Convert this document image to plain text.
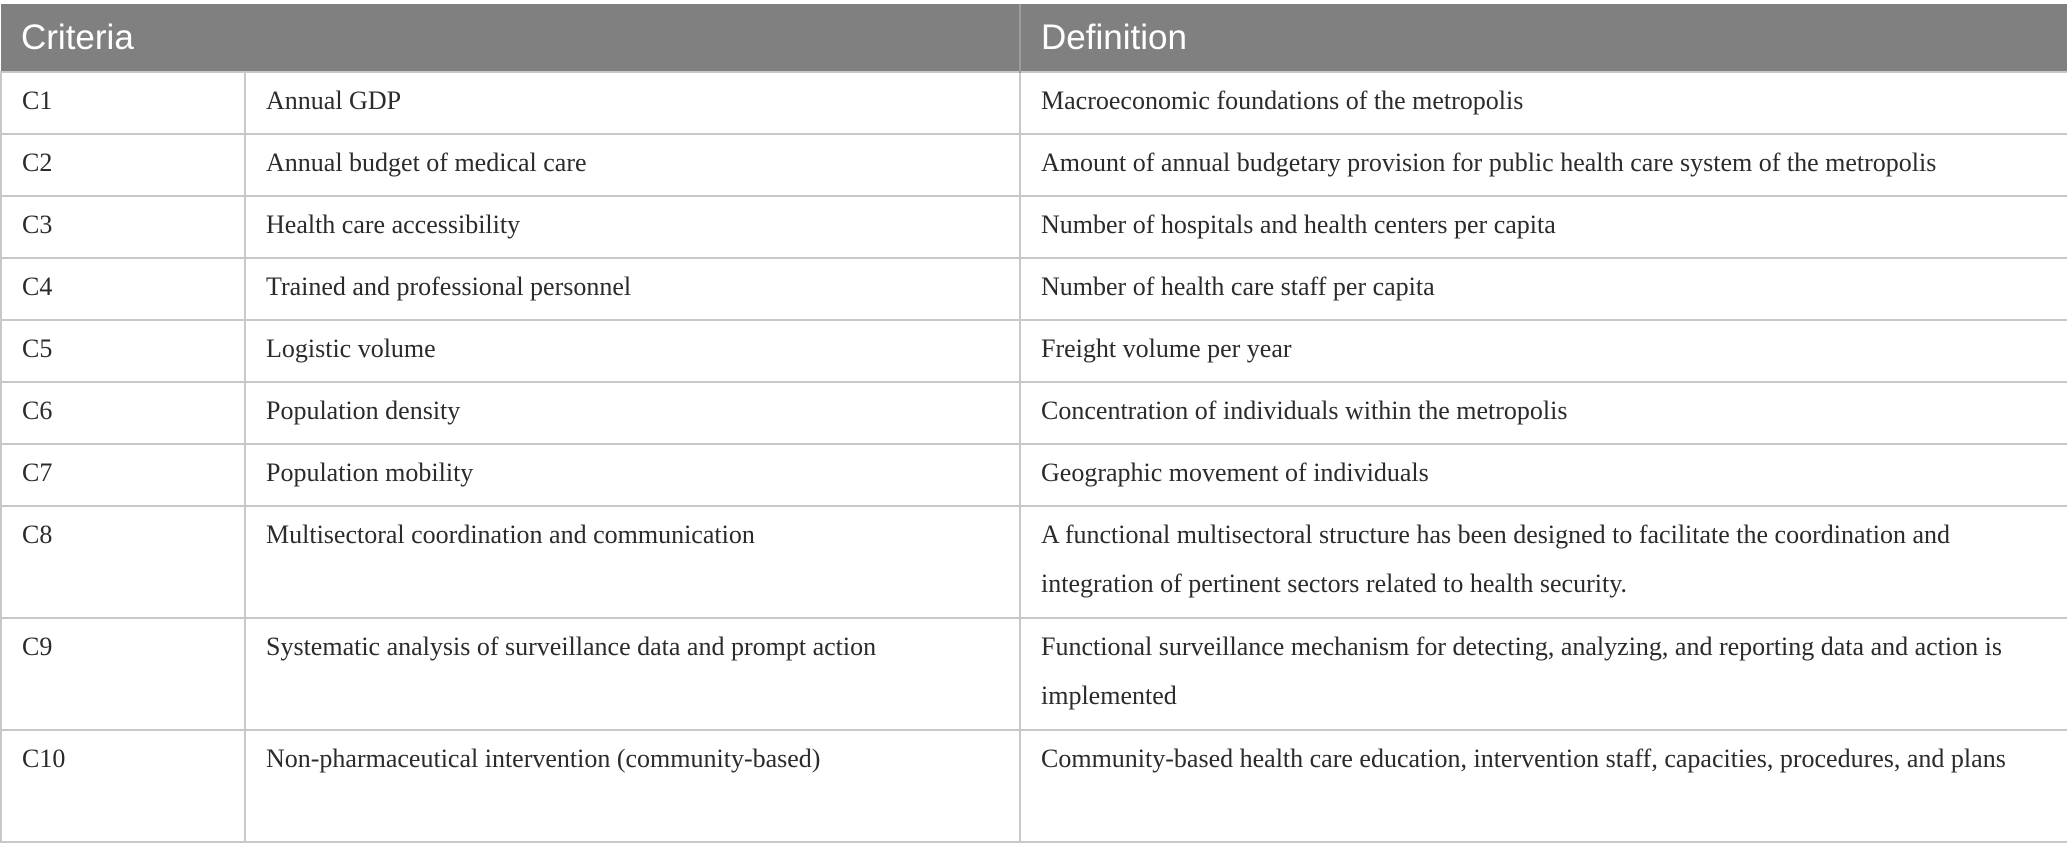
Criteria		Definition

C1	Annual GDP	Macroeconomic foundations of the metropolis

C2	Annual budget of medical care	Amount of annual budgetary provision for public health care system of the metropolis

C3	Health care accessibility	Number of hospitals and health centers per capita

C4	Trained and professional personnel	Number of health care staff per capita

C5	Logistic volume	Freight volume per year

C6	Population density	Concentration of individuals within the metropolis

C7	Population mobility	Geographic movement of individuals

C8	Multisectoral coordination and communication	A functional multisectoral structure has been designed to facilitate the coordination and integration of pertinent sectors related to health security.

C9	Systematic analysis of surveillance data and prompt action	Functional surveillance mechanism for detecting, analyzing, and reporting data and action is implemented

C10	Non-pharmaceutical intervention (community-based)	Community-based health care education, intervention staff, capacities, procedures, and plans
